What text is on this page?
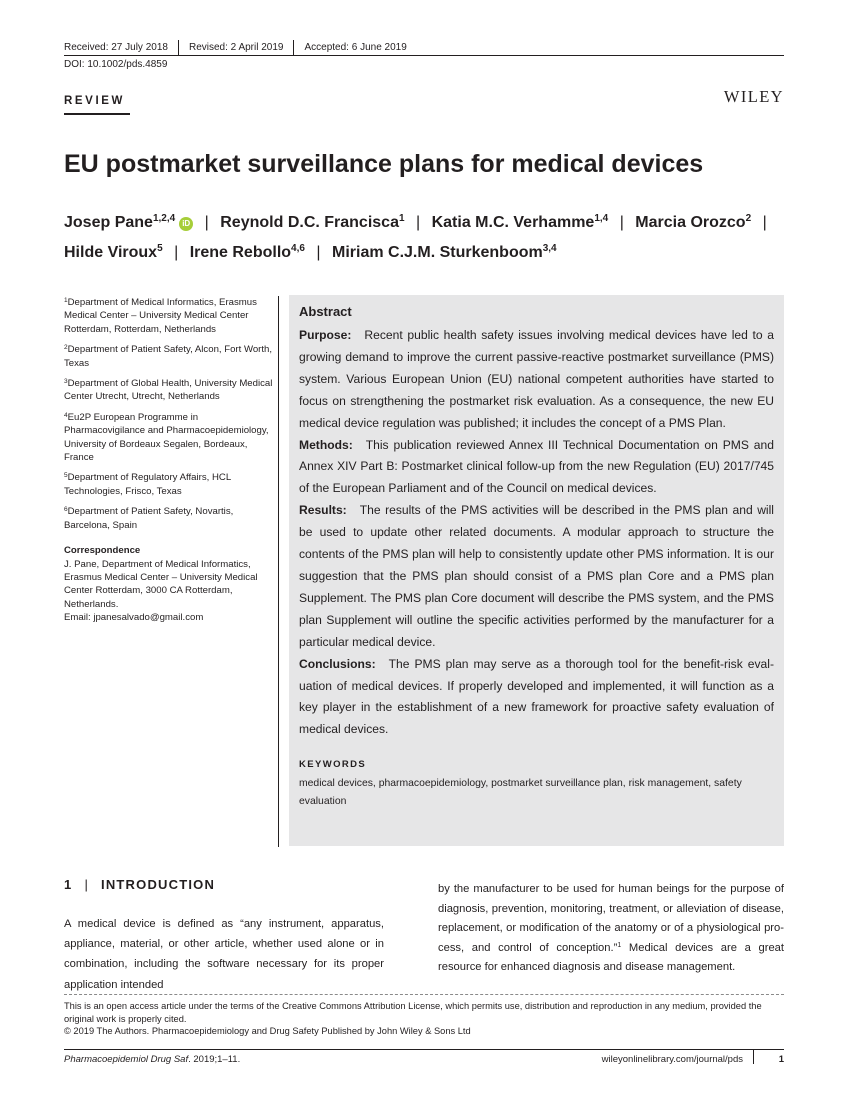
Received: 27 July 2018 Revised: 2 April 2019 Accepted: 6 June 2019
DOI: 10.1002/pds.4859
REVIEW	WILEY
EU postmarket surveillance plans for medical devices
Josep Pane$^{1,2,4}$ iD | Reynold D.C. Francisca$^1$ | Katia M.C. Verhamme$^{1,4}$ | Marcia Orozco$^2$ |
Hilde Viroux$^5$ | Irene Rebollo$^{4,6}$ | Miriam C.J.M. Sturkenboom$^{3,4}$

$^1$Department of Medical Informatics, Erasmus Medical Center – University Medical Center Rotterdam, Rotterdam, Netherlands

$^2$Department of Patient Safety, Alcon, Fort Worth, Texas

$^3$Department of Global Health, University Medical Center Utrecht, Utrecht, Netherlands

$^4$Eu2P European Programme in Pharmacovigilance and Pharmacoepidemiology, University of Bordeaux Segalen, Bordeaux, France

$^5$Department of Regulatory Affairs, HCL Technologies, Frisco, Texas

$^6$Department of Patient Safety, Novartis, Barcelona, Spain

Correspondence
J. Pane, Department of Medical Informatics, Erasmus Medical Center – University Medical Center Rotterdam, 3000 CA Rotterdam, Netherlands.
Email: jpanesalvado@gmail.com
Abstract

Purpose: Recent public health safety issues involving medical devices have led to a growing demand to improve the current passive-reactive postmarket surveillance (PMS) system. Various European Union (EU) national competent authorities have started to focus on strengthening the postmarket risk evaluation. As a consequence, the new EU medical device regulation was published; it includes the concept of a PMS Plan.

Methods: This publication reviewed Annex III Technical Documentation on PMS and Annex XIV Part B: Postmarket clinical follow-up from the new Regulation (EU) 2017/745 of the European Parliament and of the Council on medical devices.

Results: The results of the PMS activities will be described in the PMS plan and will be used to update other related documents. A modular approach to structure the contents of the PMS plan will help to consistently update other PMS information. It is our suggestion that the PMS plan should consist of a PMS plan Core and a PMS plan Supplement. The PMS plan Core document will describe the PMS system, and the PMS plan Supplement will outline the specific activities performed by the manufacturer for a particular medical device.

Conclusions: The PMS plan may serve as a thorough tool for the benefit-risk evaluation of medical devices. If properly developed and implemented, it will function as a key player in the establishment of a new framework for proactive safety evaluation of medical devices.

KEYWORDS
medical devices, pharmacoepidemiology, postmarket surveillance plan, risk management, safety evaluation
1 | INTRODUCTION
A medical device is defined as “any instrument, apparatus, appliance, material, or other article, whether used alone or in combination, including the software necessary for its proper application intended
by the manufacturer to be used for human beings for the purpose of diagnosis, prevention, monitoring, treatment, or alleviation of disease, replacement, or modification of the anatomy or of a physiological process, and control of conception.”$^1$ Medical devices are a great resource for enhanced diagnosis and disease management.
This is an open access article under the terms of the Creative Commons Attribution License, which permits use, distribution and reproduction in any medium, provided the original work is properly cited.
© 2019 The Authors. Pharmacoepidemiology and Drug Safety Published by John Wiley & Sons Ltd
Pharmacoepidemiol Drug Saf. 2019;1–11.	wileyonlinelibrary.com/journal/pds	1
